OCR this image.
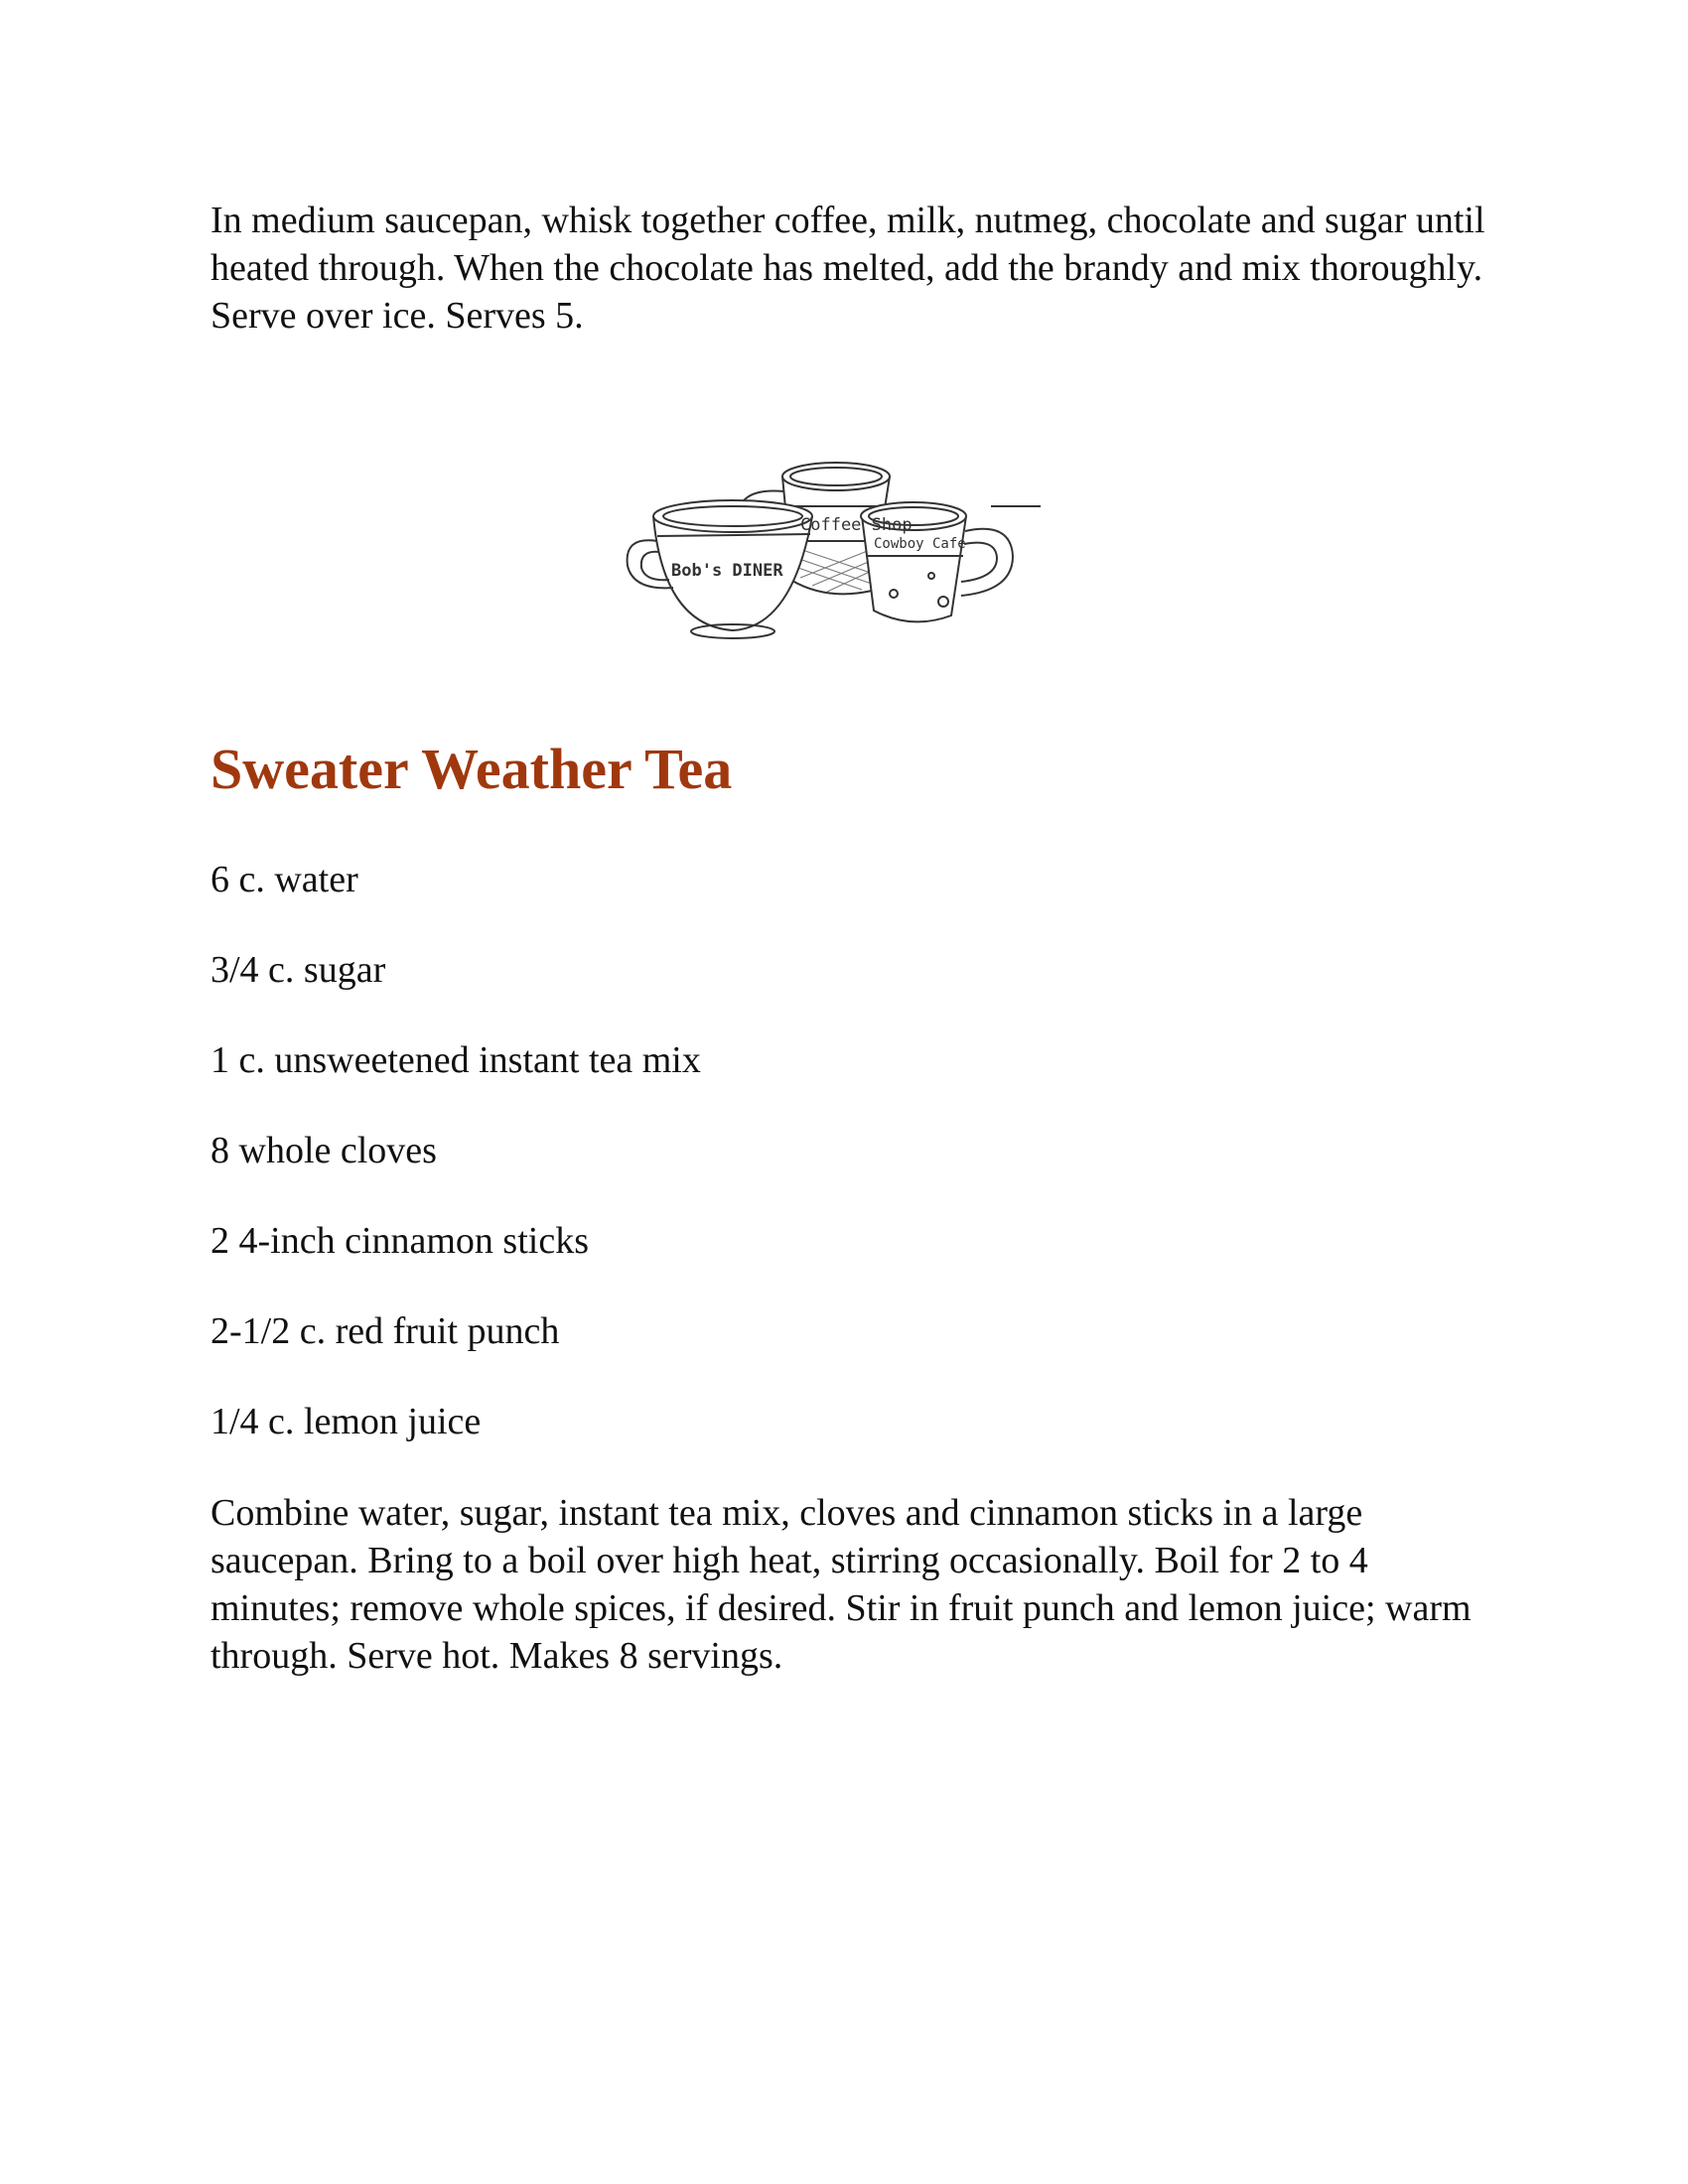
In medium saucepan, whisk together coffee, milk, nutmeg, chocolate and sugar until heated through. When the chocolate has melted, add the brandy and mix thoroughly. Serve over ice. Serves 5.

Coffee Shop
Cowboy Cafe
Bob's DINER
Sweater Weather Tea

6 c. water

3/4 c. sugar

1 c. unsweetened instant tea mix

8 whole cloves

2 4-inch cinnamon sticks

2-1/2 c. red fruit punch

1/4 c. lemon juice

Combine water, sugar, instant tea mix, cloves and cinnamon sticks in a large saucepan. Bring to a boil over high heat, stirring occasionally. Boil for 2 to 4 minutes; remove whole spices, if desired. Stir in fruit punch and lemon juice; warm through. Serve hot. Makes 8 servings.
